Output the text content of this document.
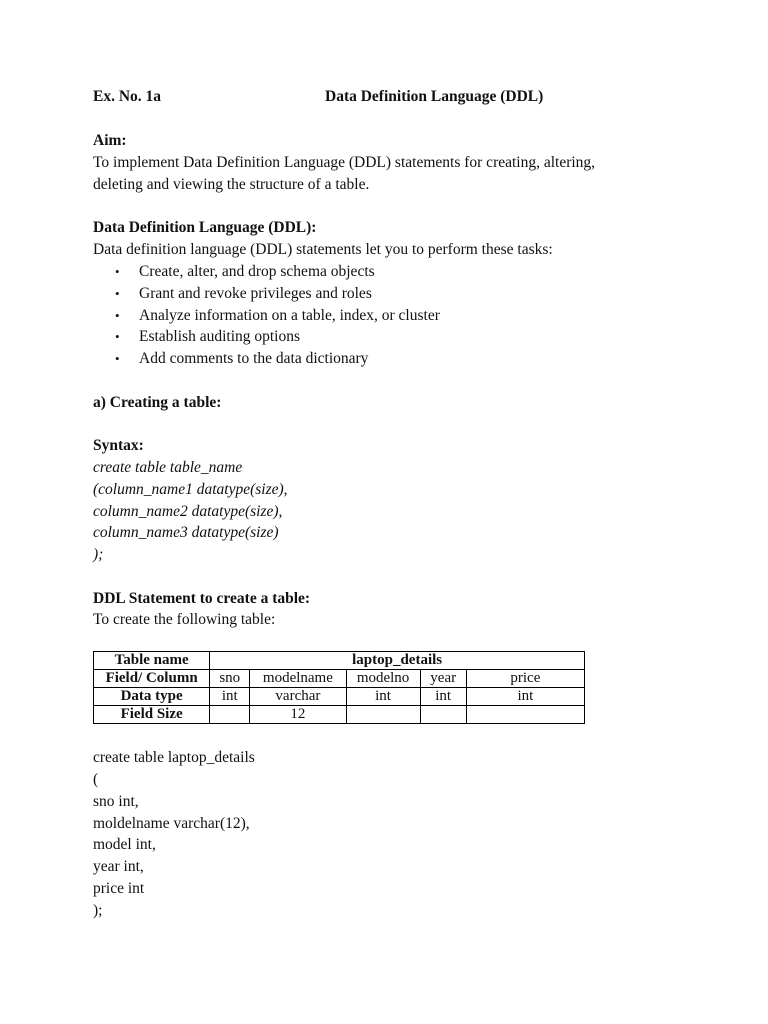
Ex. No. 1a	Data Definition Language (DDL)
Aim:
To implement Data Definition Language (DDL) statements for creating, altering,
deleting and viewing the structure of a table.
Data Definition Language (DDL):
Data definition language (DDL) statements let you to perform these tasks:
• Create, alter, and drop schema objects
• Grant and revoke privileges and roles
• Analyze information on a table, index, or cluster
• Establish auditing options
• Add comments to the data dictionary
a) Creating a table:
Syntax:
create table table_name
(column_name1 datatype(size),
column_name2 datatype(size),
column_name3 datatype(size)
);
DDL Statement to create a table:
To create the following table:
Table name	laptop_details				
Field/ Column	sno	modelname	modelno	year	price
Data type	int	varchar	int	int	int
Field Size		12			
create table laptop_details
(
sno int,
moldelname varchar(12),
model int,
year int,
price int
);
